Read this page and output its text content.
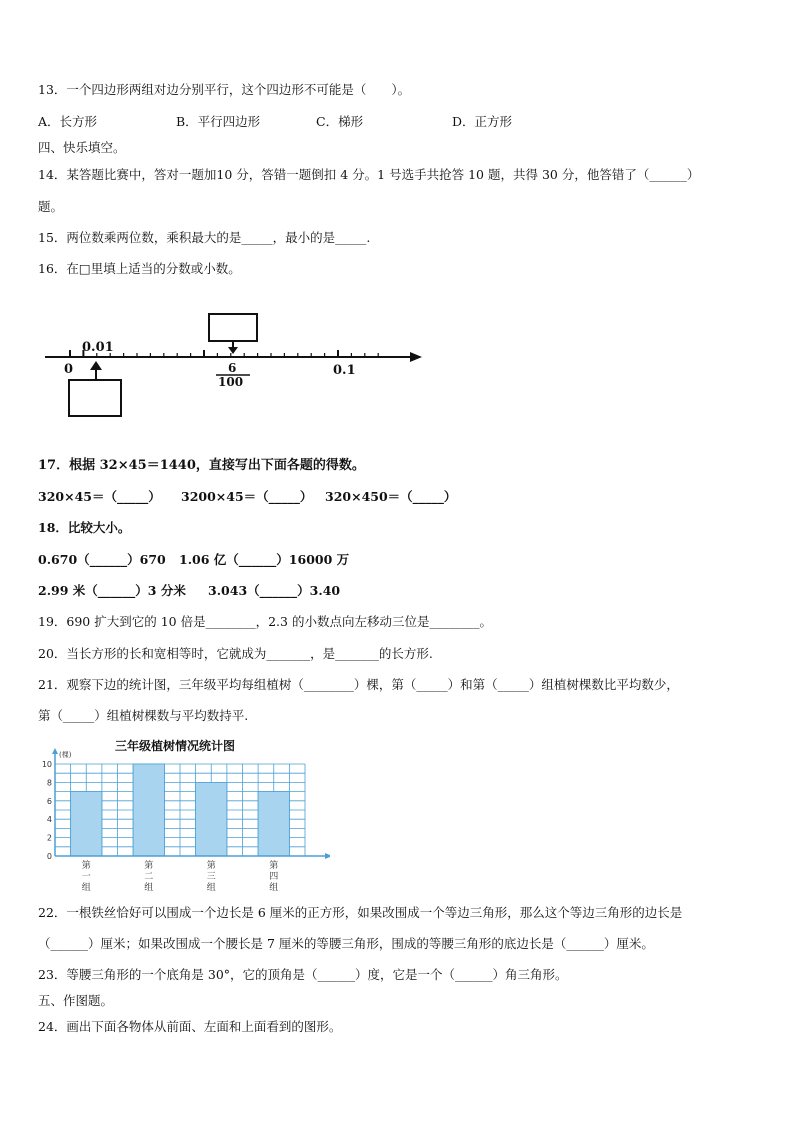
13．一个四边形两组对边分别平行，这个四边形不可能是（　　）。
A．长方形	B．平行四边形	C．梯形	D．正方形
四、快乐填空。
14．某答题比赛中，答对一题加10 分，答错一题倒扣 4 分。1 号选手共抢答 10 题，共得 30 分，他答错了（______）
题。
15．两位数乘两位数，乘积最大的是_____，最小的是_____.
16．在□里填上适当的分数或小数。
0.01
0	6
100
0.1
17．根据 32×45＝1440，直接写出下面各题的得数。
320×45＝（_____） 3200×45＝（_____） 320×450＝（_____）
18．比较大小。
0.670（______）670 1.06 亿（______）16000 万
2.99 米（______）3 分米 3.043（______）3.40
19．690 扩大到它的 10 倍是________，2.3 的小数点向左移动三位是________。
20．当长方形的长和宽相等时，它就成为_______，是_______的长方形.
21．观察下边的统计图，三年级平均每组植树（________）棵，第（_____）和第（_____）组植树棵数比平均数少，
第（_____）组植树棵数与平均数持平.
三年级植树情况统计图
第
一
组
第
二
组
第
三
组
第
四
组
(棵)
0
2
4
6
8
10
22．一根铁丝恰好可以围成一个边长是 6 厘米的正方形，如果改围成一个等边三角形，那么这个等边三角形的边长是
（______）厘米；如果改围成一个腰长是 7 厘米的等腰三角形，围成的等腰三角形的底边长是（______）厘米。
23．等腰三角形的一个底角是 30°，它的顶角是（______）度，它是一个（______）角三角形。
五、作图题。
24．画出下面各物体从前面、左面和上面看到的图形。
